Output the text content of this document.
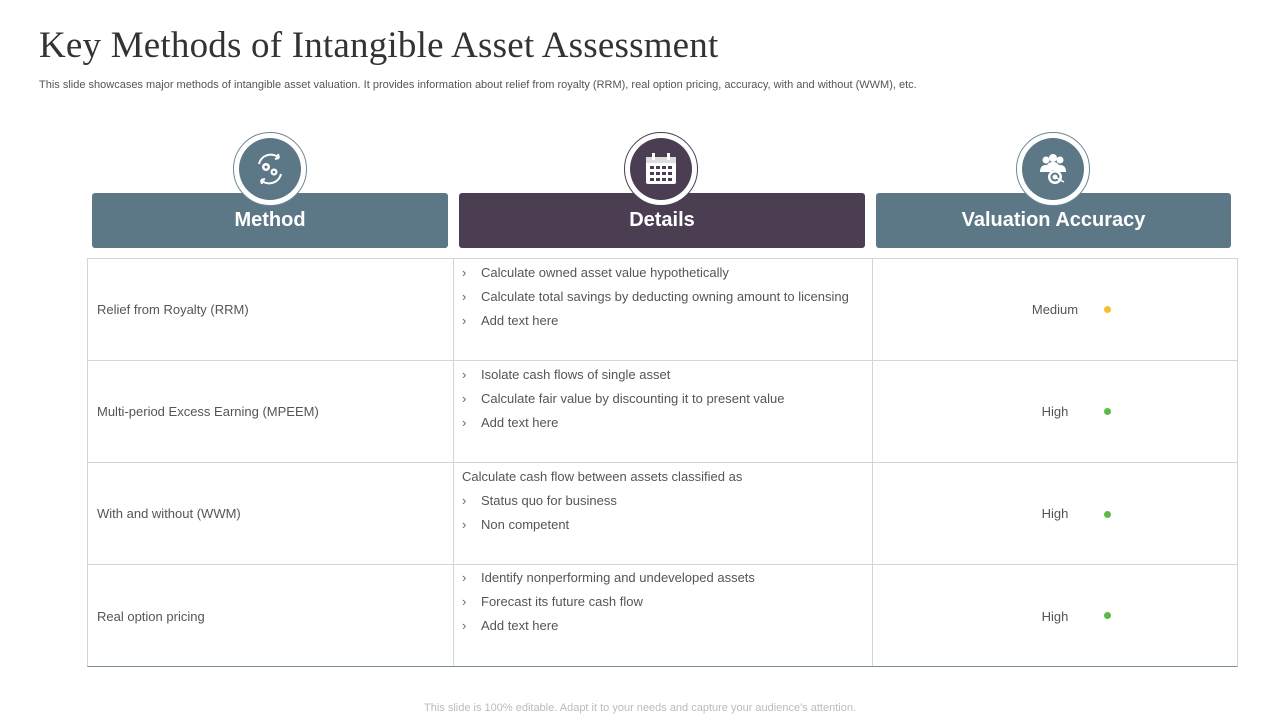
Key Methods of Intangible Asset Assessment
This slide showcases major methods of intangible asset valuation. It provides information about relief from royalty (RRM), real option pricing, accuracy, with and without (WWM), etc.
Method	Details	Valuation Accuracy
Relief from Royalty (RRM)
› Calculate owned asset value hypothetically
› Calculate total savings by deducting owning amount to licensing
› Add text here
Medium
Multi-period Excess Earning (MPEEM)
› Isolate cash flows of single asset
› Calculate fair value by discounting it to present value
› Add text here
High
With and without (WWM)
Calculate cash flow between assets classified as
› Status quo for business
› Non competent
High
Real option pricing
› Identify nonperforming and undeveloped assets
› Forecast its future cash flow
› Add text here
High
This slide is 100% editable. Adapt it to your needs and capture your audience's attention.
